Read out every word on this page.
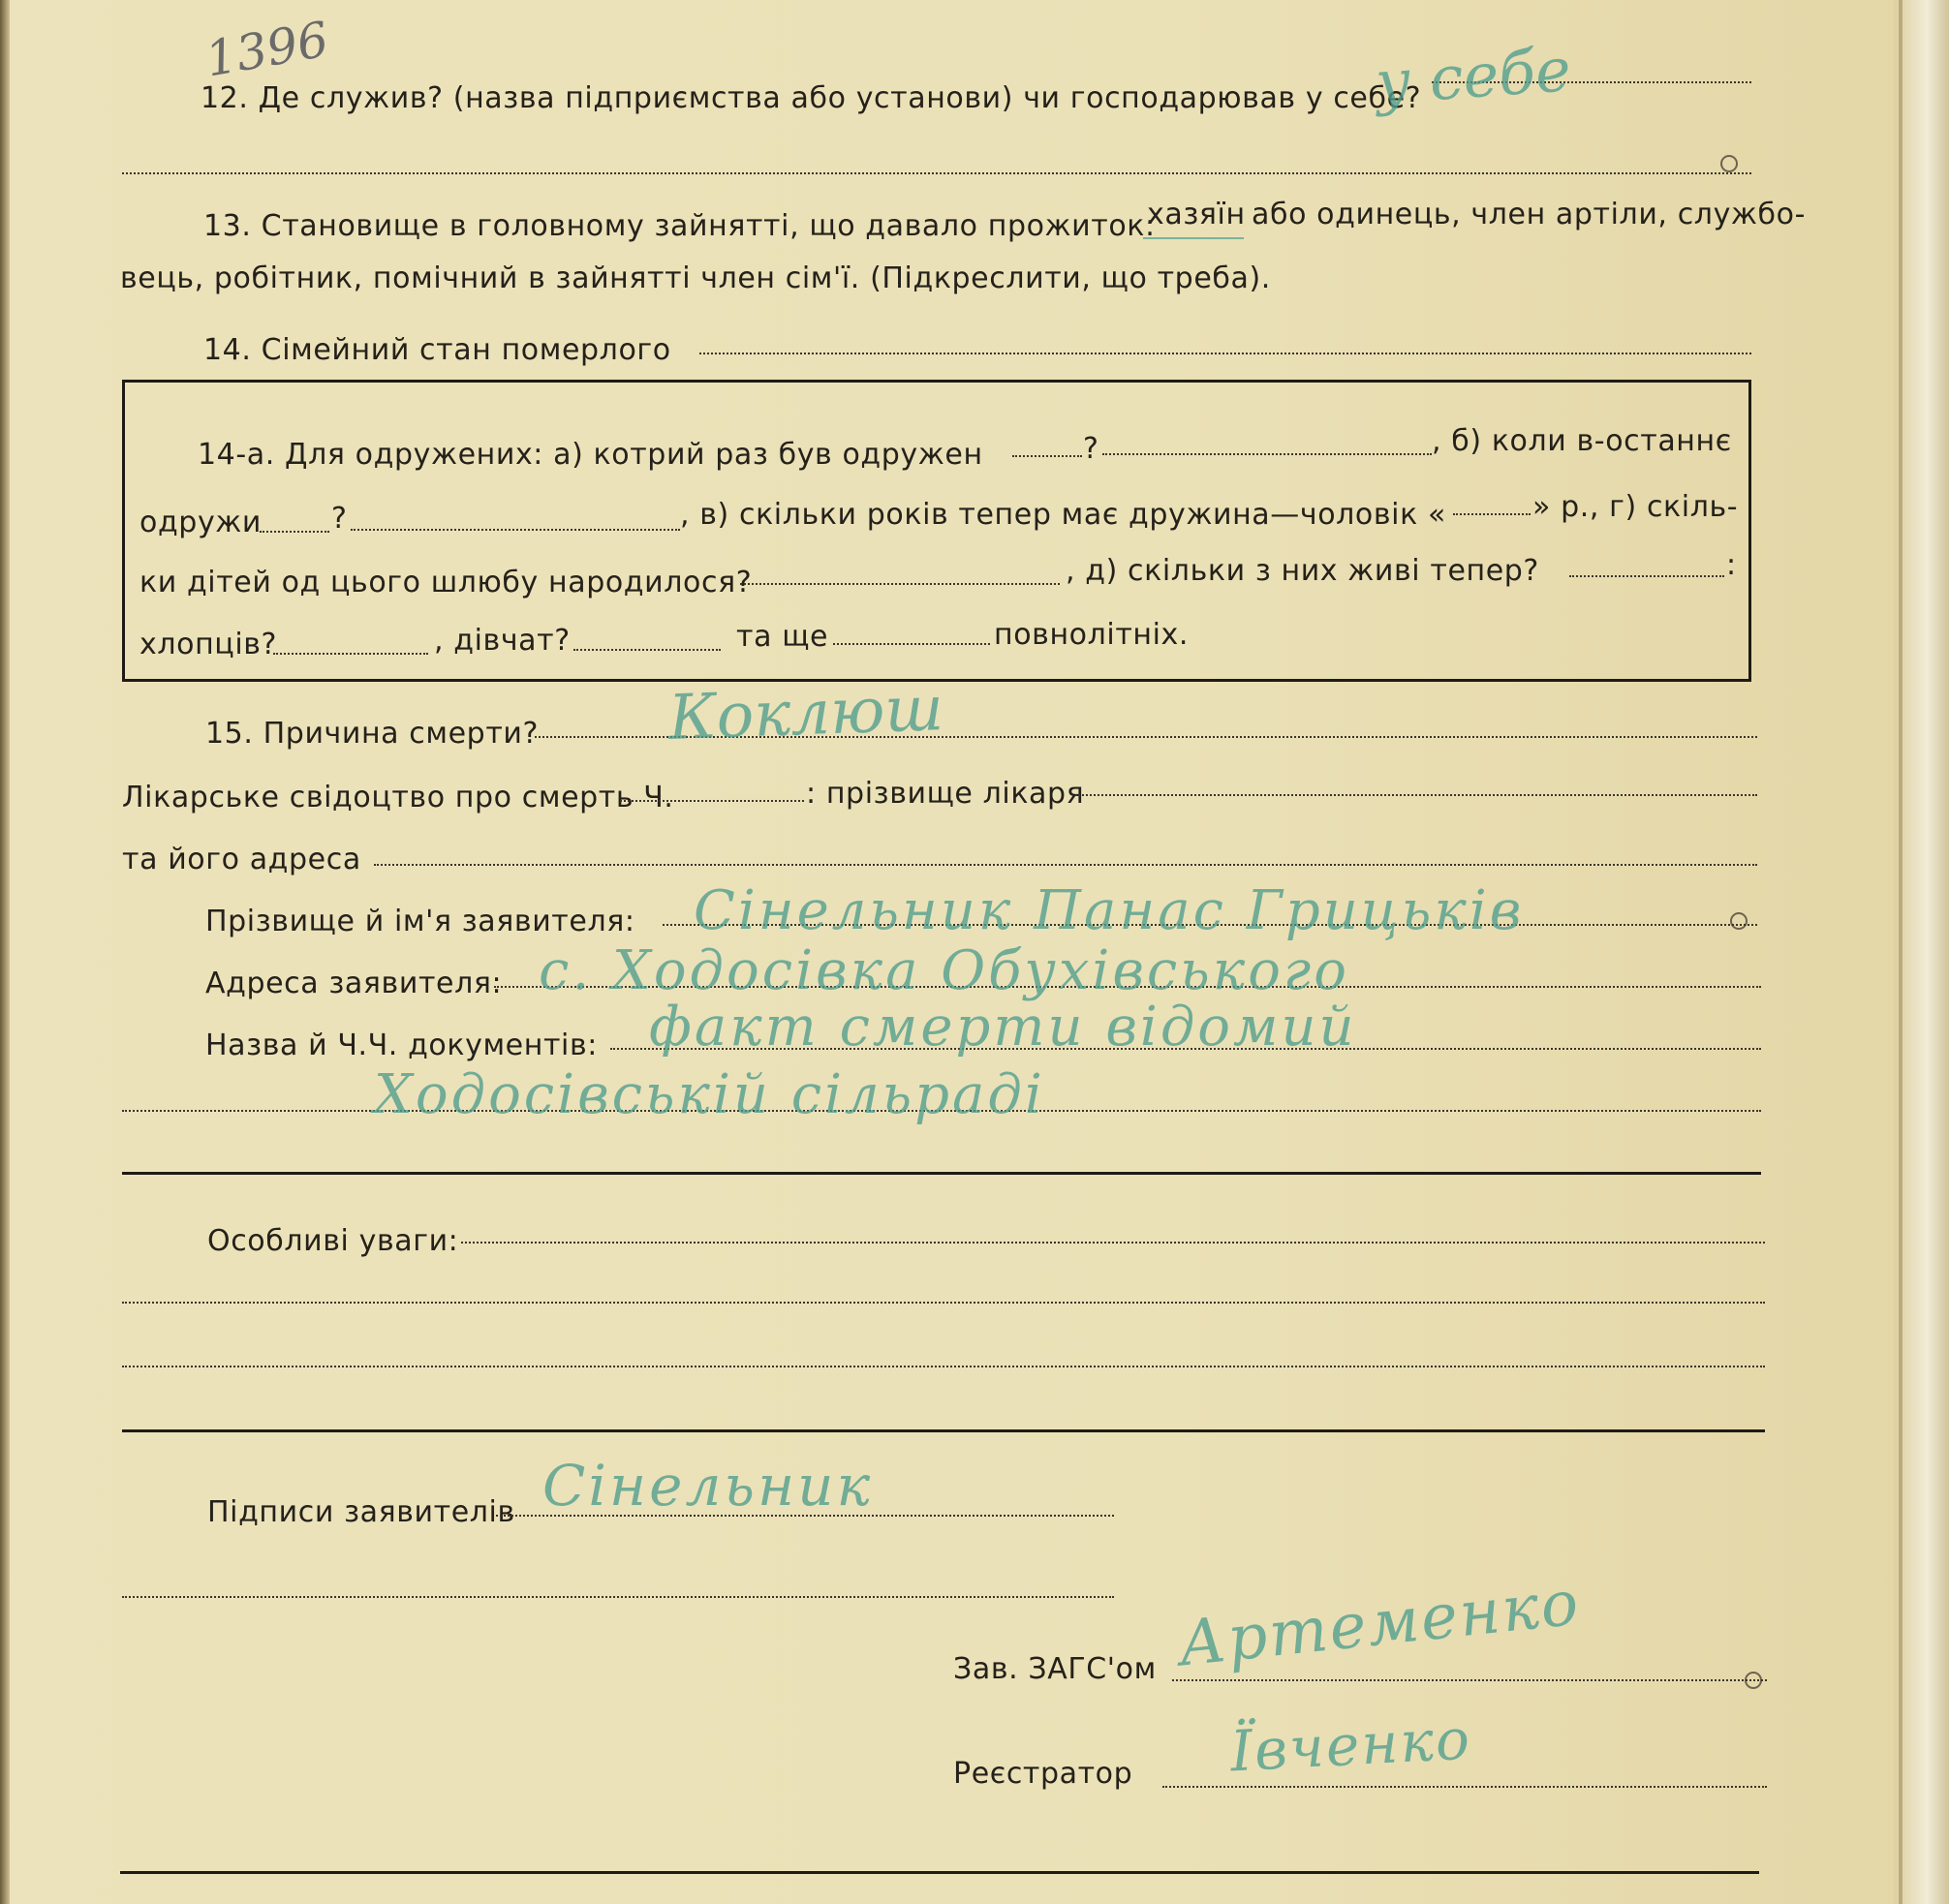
1396
12. Де служив? (назва підприємства або установи) чи господарював у себе?
у себе
13. Становище в головному зайнятті, що давало прожиток:
хазяїн або одинець, член артіли, службо-
вець, робітник, помічний в зайнятті член сім'ї. (Підкреслити, що треба).
14. Сімейний стан померлого
14-а. Для одружених: а) котрий раз був одружен	?	, б) коли в-останнє
одружи ?	, в) скільки років тепер має дружина—чоловік «	» р., г) скіль-
ки дітей од цього шлюбу народилося?	, д) скільки з них живі тепер?	:
хлопців?	, дівчат?	та ще	повнолітніх.
15. Причина смерти? Коклюш
Лікарське свідоцтво про смерть Ч.	: прізвище лікаря
та його адреса
Прізвище й ім'я заявителя: Сінельник Панас Грицьків
Адреса заявителя: с. Ходосівка Обухівського
Назва й Ч.Ч. документів: факт смерти відомий
Ходосівській сільраді
Особливі уваги:
Підписи заявителів Сінельник
Зав. ЗАГС'ом Артеменко
Реєстратор Ївченко
